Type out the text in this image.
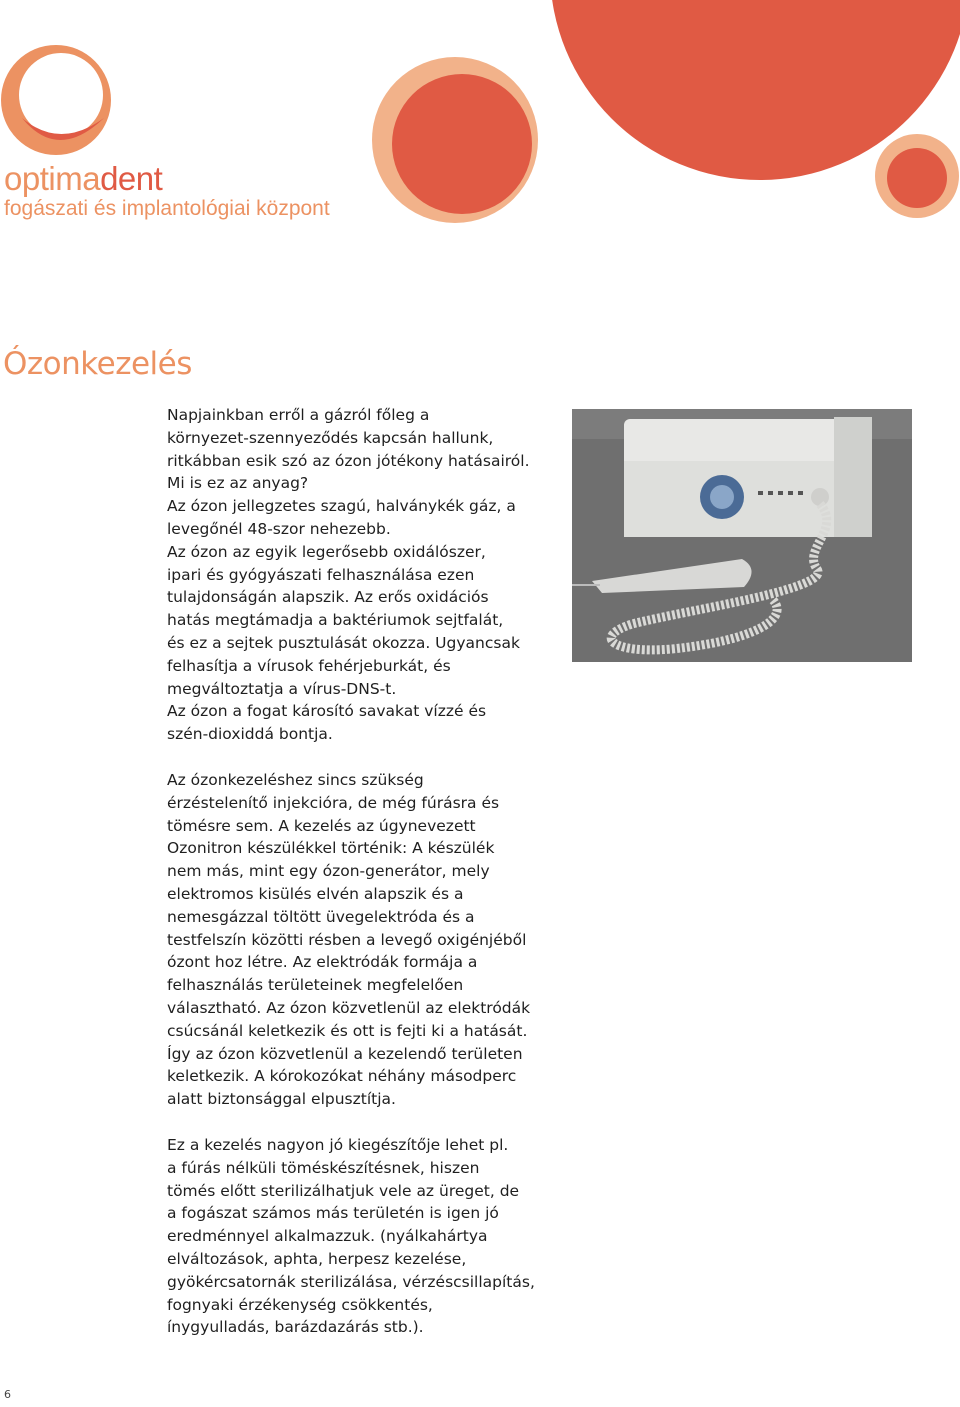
optimadent
fogászati és implantológiai központ
Ózonkezelés
Napjainkban erről a gázról főleg a
környezet-szennyeződés kapcsán hallunk,
ritkábban esik szó az ózon jótékony hatásairól.
Mi is ez az anyag?
Az ózon jellegzetes szagú, halványkék gáz, a
levegőnél 48-szor nehezebb.
Az ózon az egyik legerősebb oxidálószer,
ipari és gyógyászati felhasználása ezen
tulajdonságán alapszik. Az erős oxidációs
hatás megtámadja a baktériumok sejtfalát,
és ez a sejtek pusztulását okozza. Ugyancsak
felhasítja a vírusok fehérjeburkát, és
megváltoztatja a vírus-DNS-t.
Az ózon a fogat károsító savakat vízzé és
szén-dioxiddá bontja.
Az ózonkezeléshez sincs szükség
érzéstelenítő injekcióra, de még fúrásra és
tömésre sem. A kezelés az úgynevezett
Ozonitron készülékkel történik: A készülék
nem más, mint egy ózon-generátor, mely
elektromos kisülés elvén alapszik és a
nemesgázzal töltött üvegelektróda és a
testfelszín közötti résben a levegő oxigénjéből
ózont hoz létre. Az elektródák formája a
felhasználás területeinek megfelelően
választható. Az ózon közvetlenül az elektródák
csúcsánál keletkezik és ott is fejti ki a hatását.
Így az ózon közvetlenül a kezelendő területen
keletkezik. A kórokozókat néhány másodperc
alatt biztonsággal elpusztítja.
Ez a kezelés nagyon jó kiegészítője lehet pl.
a fúrás nélküli töméskészítésnek, hiszen
tömés előtt sterilizálhatjuk vele az üreget, de
a fogászat számos más területén is igen jó
eredménnyel alkalmazzuk. (nyálkahártya
elváltozások, aphta, herpesz kezelése,
gyökércsatornák sterilizálása, vérzéscsillapítás,
fognyaki érzékenység csökkentés,
ínygyulladás, barázdazárás stb.).
6
